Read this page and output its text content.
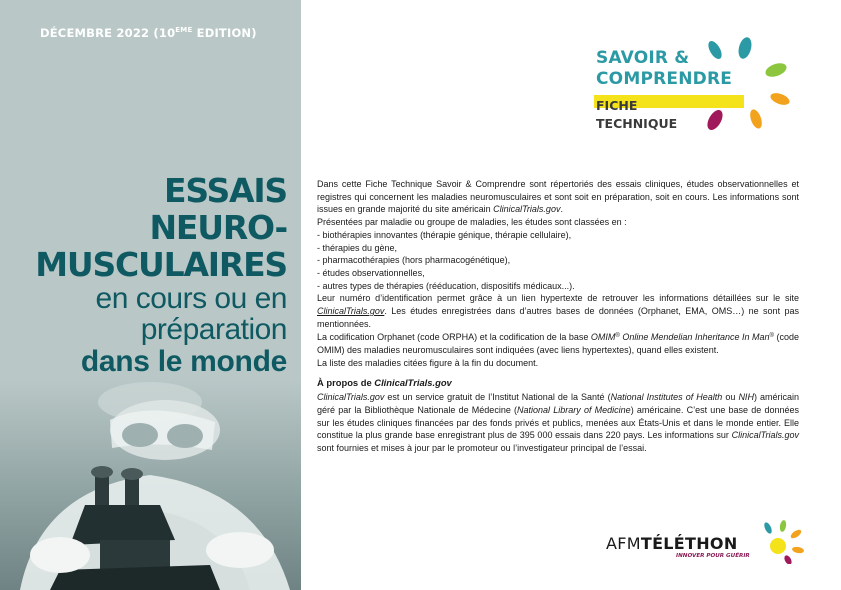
DÉCEMBRE 2022 (10EME EDITION)
ESSAIS
NEURO-
MUSCULAIRES
en cours ou en
préparation
dans le monde
SAVOIR &
COMPRENDRE
FICHE
TECHNIQUE

Dans cette Fiche Technique Savoir & Comprendre sont répertoriés des essais cliniques, études observationnelles et registres qui concernent les maladies neuromusculaires et sont soit en préparation, soit en cours. Les informations sont issues en grande majorité du site américain ClinicalTrials.gov.

Présentées par maladie ou groupe de maladies, les études sont classées en :

- biothérapies innovantes (thérapie génique, thérapie cellulaire),

- thérapies du gène,

- pharmacothérapies (hors pharmacogénétique),

- études observationnelles,

- autres types de thérapies (rééducation, dispositifs médicaux...).

Leur numéro d’identification permet grâce à un lien hypertexte de retrouver les informations détaillées sur le site ClinicalTrials.gov. Les études enregistrées dans d’autres bases de données (Orphanet, EMA, OMS…) ne sont pas mentionnées.

La codification Orphanet (code ORPHA) et la codification de la base OMIM® Online Mendelian Inheritance In Man® (code OMIM) des maladies neuromusculaires sont indiquées (avec liens hypertextes), quand elles existent.

La liste des maladies citées figure à la fin du document.

À propos de ClinicalTrials.gov

ClinicalTrials.gov est un service gratuit de l’Institut National de la Santé (National Institutes of Health ou NIH) américain géré par la Bibliothèque Nationale de Médecine (National Library of Medicine) américaine. C’est une base de données sur les études cliniques financées par des fonds privés et publics, menées aux États-Unis et dans le monde entier. Elle constitue la plus grande base enregistrant plus de 395 000 essais dans 220 pays. Les informations sur ClinicalTrials.gov sont fournies et mises à jour par le promoteur ou l’investigateur principal de l’essai.

AFMTÉLÉTHON
INNOVER POUR GUÉRIR
